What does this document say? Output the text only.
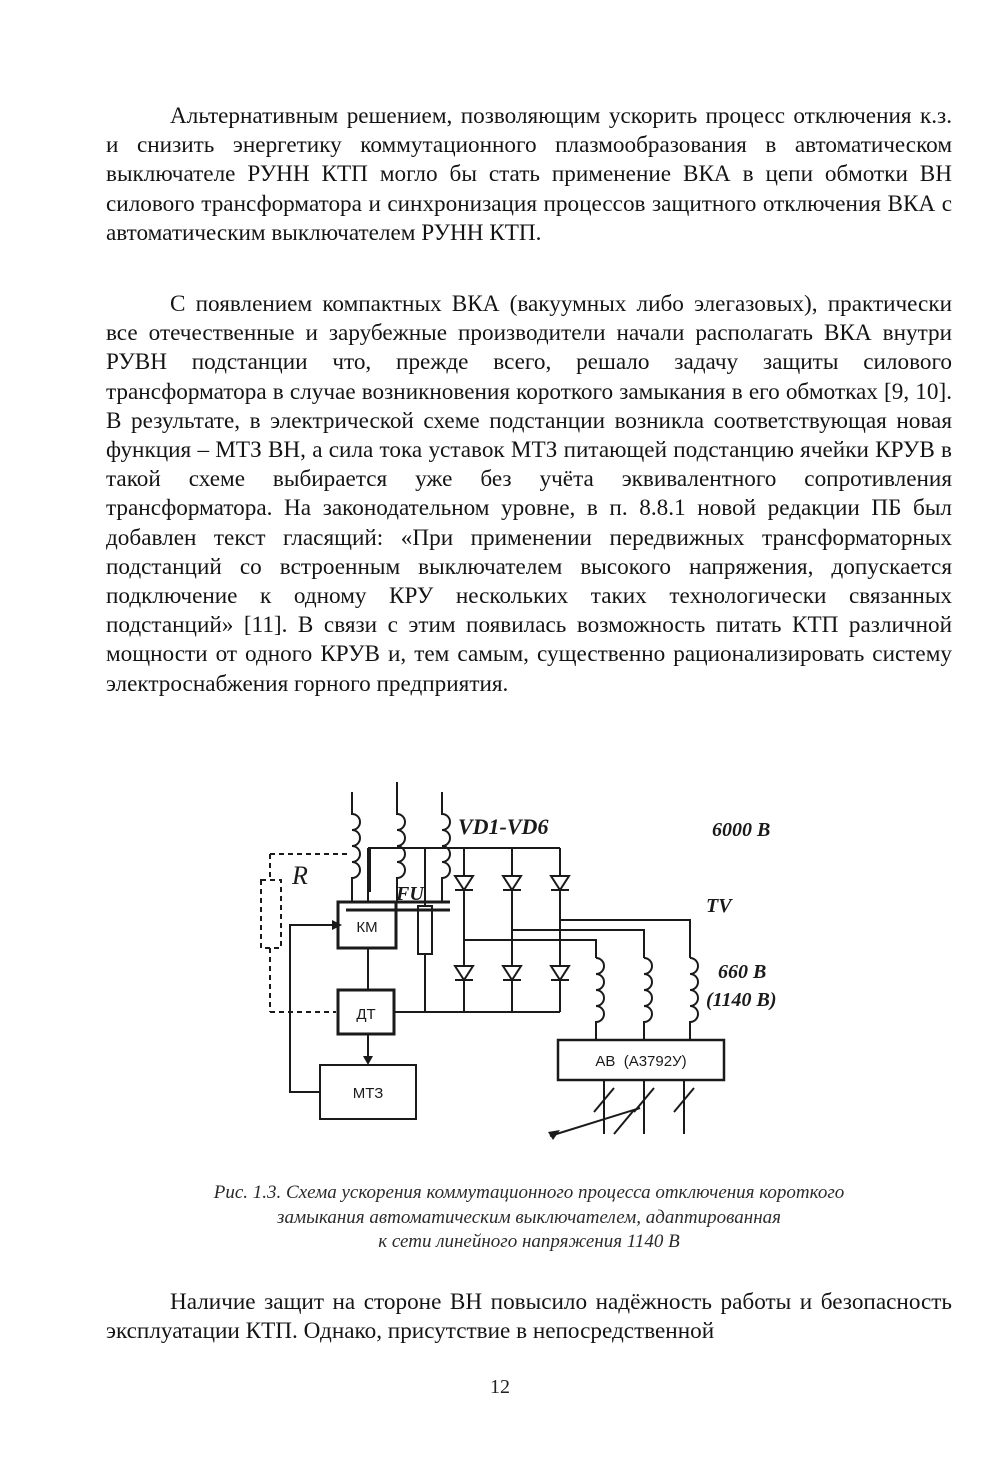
Альтернативным решением, позволяющим ускорить процесс отключения к.з. и снизить энергетику коммутационного плазмообразования в автоматическом выключателе РУНН КТП могло бы стать применение ВКА в цепи обмотки ВН силового трансформатора и синхронизация процессов защитного отключения ВКА с автоматическим выключателем РУНН КТП.

С появлением компактных ВКА (вакуумных либо элегазовых), практически все отечественные и зарубежные производители начали располагать ВКА внутри РУВН подстанции что, прежде всего, решало задачу защиты силового трансформатора в случае возникновения короткого замыкания в его обмотках [9, 10]. В результате, в электрической схеме подстанции возникла соответствующая новая функция – МТЗ ВН, а сила тока уставок МТЗ питающей подстанцию ячейки КРУВ в такой схеме выбирается уже без учёта эквивалентного сопротивления трансформатора. На законодательном уровне, в п. 8.8.1 новой редакции ПБ был добавлен текст гласящий: «При применении передвижных трансформаторных подстанций со встроенным выключателем высокого напряжения, допускается подключение к одному КРУ нескольких таких технологически связанных подстанций» [11]. В связи с этим появилась возможность питать КТП различной мощности от одного КРУВ и, тем самым, существенно рационализировать систему электроснабжения горного предприятия.

VD1-VD6	6000 В
R
FU
TV
660 В
(1140 В)
КМ
ДТ
МТЗ
АВ  (А3792У)

Рис. 1.3. Схема ускорения коммутационного процесса отключения короткого
замыкания автоматическим выключателем, адаптированная
к сети линейного напряжения 1140 В

Наличие защит на стороне ВН повысило надёжность работы и безопасность эксплуатации КТП. Однако, присутствие в непосредственной

12
